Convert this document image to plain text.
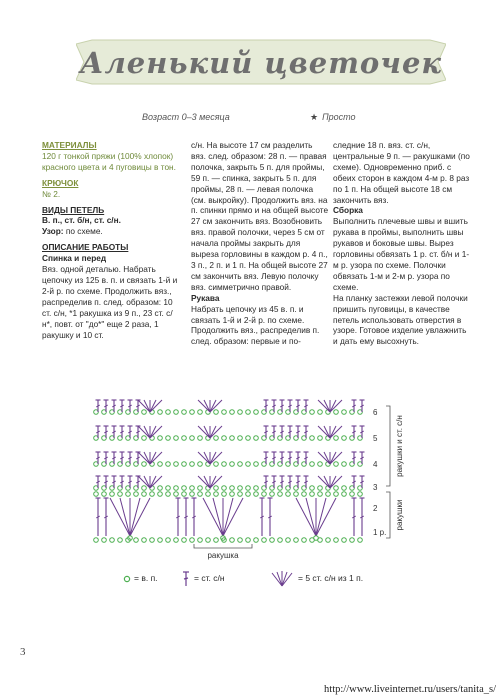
Аленький цветочек
Возраст 0–3 месяца	★ Просто

МАТЕРИАЛЫ

120 г тонкой пряжи (100% хлопок) красного цвета и 4 пуговицы в тон.

КРЮЧОК

№ 2.

ВИДЫ ПЕТЕЛЬ

В. п., ст. б/н, ст. с/н.

Узор: по схеме.

ОПИСАНИЕ РАБОТЫ

Спинка и перед

Вяз. одной деталью. Набрать цепочку из 125 в. п. и связать 1-й и 2-й р. по схеме. Продолжить вяз., распределив п. след. образом: 10 ст. с/н, *1 ракушка из 9 п., 23 ст. с/н*, повт. от "до*" еще 2 раза, 1 ракушку и 10 ст.

с/н. На высоте 17 см разделить вяз. след. образом: 28 п. — правая полочка, закрыть 5 п. для проймы, 59 п. — спинка, закрыть 5 п. для проймы, 28 п. — левая полочка (см. выкройку). Продолжить вяз. на п. спинки прямо и на общей высоте 27 см закончить вяз. Возобновить вяз. правой полочки, через 5 см от начала проймы закрыть для выреза горловины в каждом р. 4 п., 3 п., 2 п. и 1 п. На общей высоте 27 см закончить вяз. Левую полочку вяз. симметрично правой.

Рукава

Набрать цепочку из 45 в. п. и связать 1-й и 2-й р. по схеме. Продолжить вяз., распределив п. след. образом: первые и по-

следние 18 п. вяз. ст. с/н, центральные 9 п. — ракушками (по схеме). Одновременно приб. с обеих сторон в каждом 4-м р. 8 раз по 1 п. На общей высоте 18 см закончить вяз.

Сборка

Выполнить плечевые швы и вшить рукава в проймы, выполнить швы рукавов и боковые швы. Вырез горловины обвязать 1 р. ст. б/н и 1-м р. узора по схеме. Полочки обвязать 1-м и 2-м р. узора по схеме.

На планку застежки левой полочки пришить пуговицы, в качестве петель использовать отверстия в узоре. Готовое изделие увлажнить и дать ему высохнуть.

6
5
4
3
2
1 р.
ракушки и ст. с/н
ракушки
ракушка
= в. п.	= ст. с/н	= 5 ст. с/н из 1 п.
3
http://www.liveinternet.ru/users/tanita_s/
